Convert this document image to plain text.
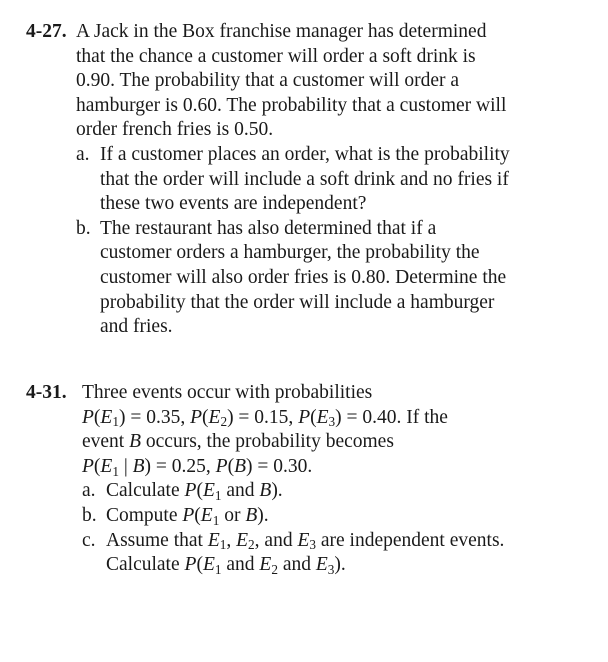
4-27. A Jack in the Box franchise manager has determined
that the chance a customer will order a soft drink is
0.90. The probability that a customer will order a
hamburger is 0.60. The probability that a customer will
order french fries is 0.50.
a. If a customer places an order, what is the probability
that the order will include a soft drink and no fries if
these two events are independent?
b. The restaurant has also determined that if a
customer orders a hamburger, the probability the
customer will also order fries is 0.80. Determine the
probability that the order will include a hamburger
and fries.
4-31. Three events occur with probabilities
$P(E_1) = 0.35$, $P(E_2) = 0.15$, $P(E_3) = 0.40$. If the
event B occurs, the probability becomes
$P(E_1$ | B) = 0.25, P(B) = 0.30.
a. Calculate $P(E_1$ and B).
b. Compute $P(E_1$ or B).
c. Assume that $E_1$, $E_2$, and $E_3$ are independent events.
Calculate $P(E_1$ and $E_2$ and $E_3$).
